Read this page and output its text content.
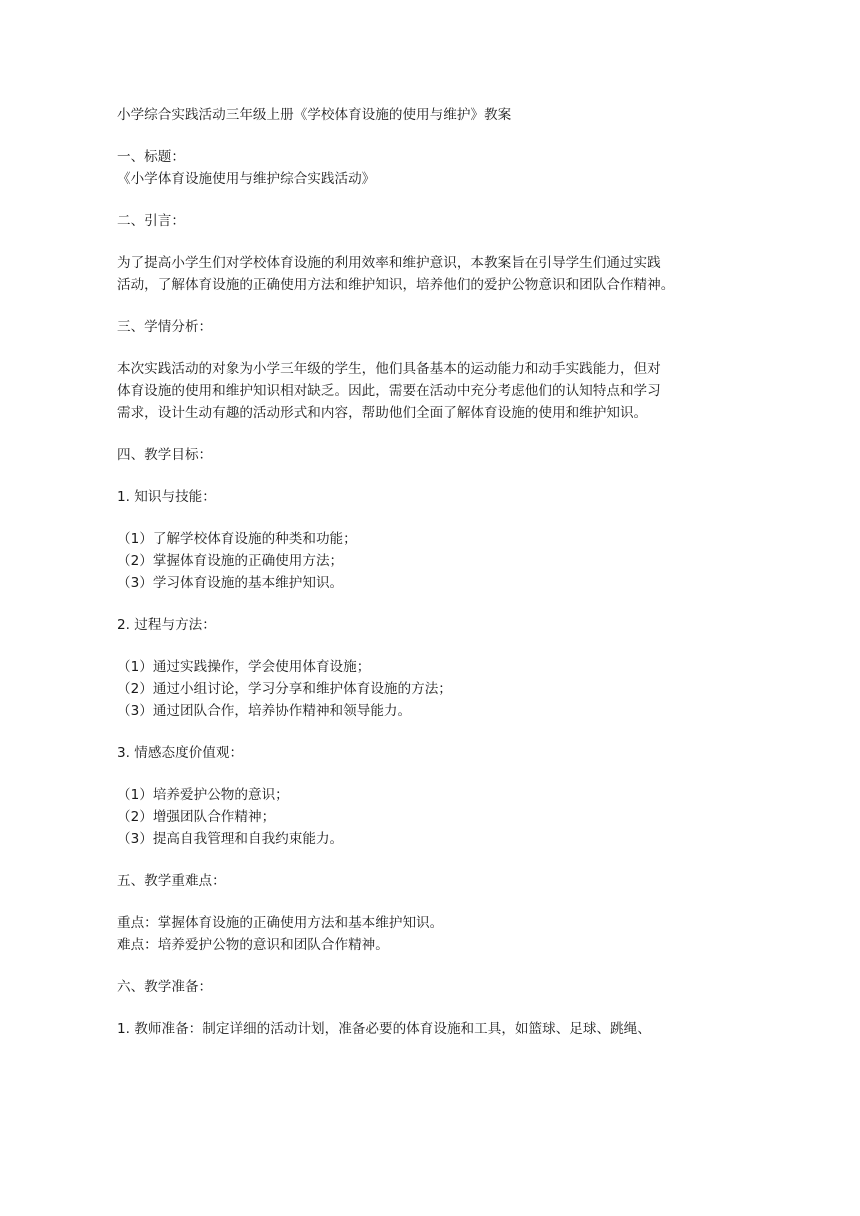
小学综合实践活动三年级上册《学校体育设施的使用与维护》教案
一、标题：
《小学体育设施使用与维护综合实践活动》
二、引言：
为了提高小学生们对学校体育设施的利用效率和维护意识，本教案旨在引导学生们通过实践
活动，了解体育设施的正确使用方法和维护知识，培养他们的爱护公物意识和团队合作精神。
三、学情分析：
本次实践活动的对象为小学三年级的学生，他们具备基本的运动能力和动手实践能力，但对
体育设施的使用和维护知识相对缺乏。因此，需要在活动中充分考虑他们的认知特点和学习
需求，设计生动有趣的活动形式和内容，帮助他们全面了解体育设施的使用和维护知识。
四、教学目标：
1. 知识与技能：
（1）了解学校体育设施的种类和功能；
（2）掌握体育设施的正确使用方法；
（3）学习体育设施的基本维护知识。
2. 过程与方法：
（1）通过实践操作，学会使用体育设施；
（2）通过小组讨论，学习分享和维护体育设施的方法；
（3）通过团队合作，培养协作精神和领导能力。
3. 情感态度价值观：
（1）培养爱护公物的意识；
（2）增强团队合作精神；
（3）提高自我管理和自我约束能力。
五、教学重难点：
重点：掌握体育设施的正确使用方法和基本维护知识。
难点：培养爱护公物的意识和团队合作精神。
六、教学准备：
1. 教师准备：制定详细的活动计划，准备必要的体育设施和工具，如篮球、足球、跳绳、
